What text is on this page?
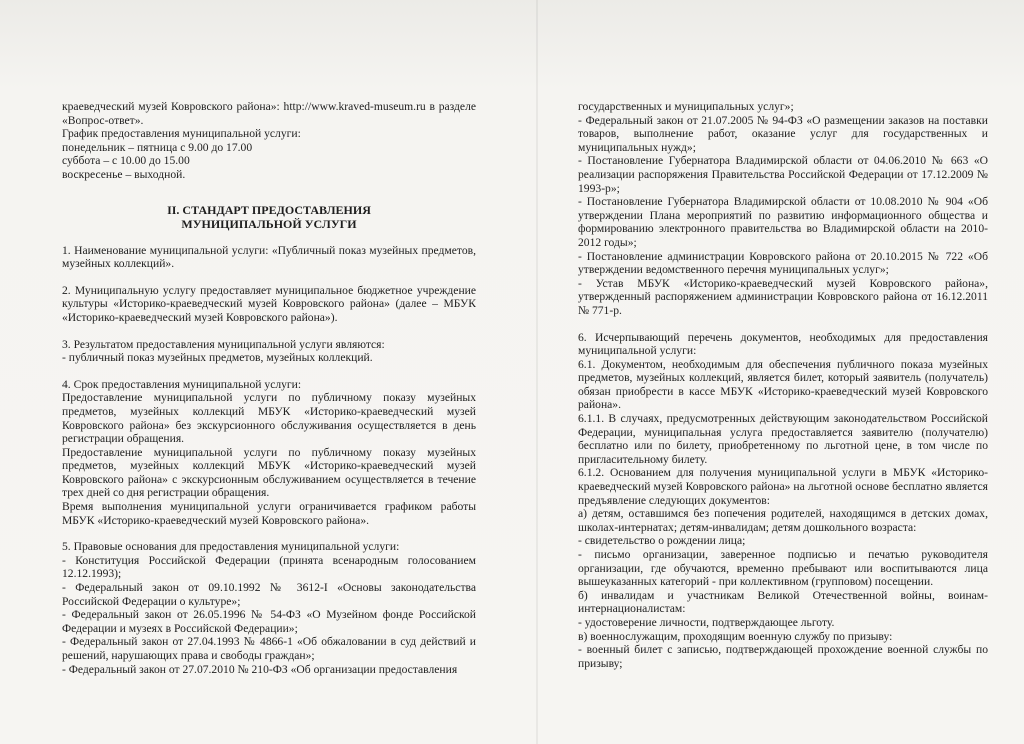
краеведческий музей Ковровского района»: http://www.kraved-museum.ru в разделе «Вопрос-ответ».

График предоставления муниципальной услуги:

понедельник – пятница с 9.00 до 17.00

суббота – с 10.00 до 15.00

воскресенье – выходной.

II. СТАНДАРТ ПРЕДОСТАВЛЕНИЯ
МУНИЦИПАЛЬНОЙ УСЛУГИ

1. Наименование муниципальной услуги: «Публичный показ музейных предметов, музейных коллекций».

2. Муниципальную услугу предоставляет муниципальное бюджетное учреждение культуры «Историко-краеведческий музей Ковровского района» (далее – МБУК «Историко-краеведческий музей Ковровского района»).

3. Результатом предоставления муниципальной услуги являются:

- публичный показ музейных предметов, музейных коллекций.

4. Срок предоставления муниципальной услуги:

Предоставление муниципальной услуги по публичному показу музейных предметов, музейных коллекций МБУК «Историко-краеведческий музей Ковровского района» без экскурсионного обслуживания осуществляется в день регистрации обращения.

Предоставление муниципальной услуги по публичному показу музейных предметов, музейных коллекций МБУК «Историко-краеведческий музей Ковровского района» с экскурсионным обслуживанием осуществляется в течение трех дней со дня регистрации обращения.

Время выполнения муниципальной услуги ограничивается графиком работы МБУК «Историко-краеведческий музей Ковровского района».

5. Правовые основания для предоставления муниципальной услуги:

- Конституция Российской Федерации (принята всенародным голосованием 12.12.1993);

- Федеральный закон от 09.10.1992 № 3612-I «Основы законодательства Российской Федерации о культуре»;

- Федеральный закон от 26.05.1996 № 54-ФЗ «О Музейном фонде Российской Федерации и музеях в Российской Федерации»;

- Федеральный закон от 27.04.1993 № 4866-1 «Об обжаловании в суд действий и решений, нарушающих права и свободы граждан»;

- Федеральный закон от 27.07.2010 № 210-ФЗ «Об организации предоставления

государственных и муниципальных услуг»;

- Федеральный закон от 21.07.2005 № 94-ФЗ «О размещении заказов на поставки товаров, выполнение работ, оказание услуг для государственных и муниципальных нужд»;

- Постановление Губернатора Владимирской области от 04.06.2010 № 663 «О реализации распоряжения Правительства Российской Федерации от 17.12.2009 № 1993-р»;

- Постановление Губернатора Владимирской области от 10.08.2010 № 904 «Об утверждении Плана мероприятий по развитию информационного общества и формированию электронного правительства во Владимирской области на 2010-2012 годы»;

- Постановление администрации Ковровского района от 20.10.2015 № 722 «Об утверждении ведомственного перечня муниципальных услуг»;

- Устав МБУК «Историко-краеведческий музей Ковровского района», утвержденный распоряжением администрации Ковровского района от 16.12.2011 № 771-р.

6. Исчерпывающий перечень документов, необходимых для предоставления муниципальной услуги:

6.1. Документом, необходимым для обеспечения публичного показа музейных предметов, музейных коллекций, является билет, который заявитель (получатель) обязан приобрести в кассе МБУК «Историко-краеведческий музей Ковровского района».

6.1.1. В случаях, предусмотренных действующим законодательством Российской Федерации, муниципальная услуга предоставляется заявителю (получателю) бесплатно или по билету, приобретенному по льготной цене, в том числе по пригласительному билету.

6.1.2. Основанием для получения муниципальной услуги в МБУК «Историко-краеведческий музей Ковровского района» на льготной основе бесплатно является предъявление следующих документов:

а) детям, оставшимся без попечения родителей, находящимся в детских домах, школах-интернатах; детям-инвалидам; детям дошкольного возраста:

- свидетельство о рождении лица;

- письмо организации, заверенное подписью и печатью руководителя организации, где обучаются, временно пребывают или воспитываются лица вышеуказанных категорий - при коллективном (групповом) посещении.

б) инвалидам и участникам Великой Отечественной войны, воинам-интернационалистам:

- удостоверение личности, подтверждающее льготу.

в) военнослужащим, проходящим военную службу по призыву:

- военный билет с записью, подтверждающей прохождение военной службы по призыву;
